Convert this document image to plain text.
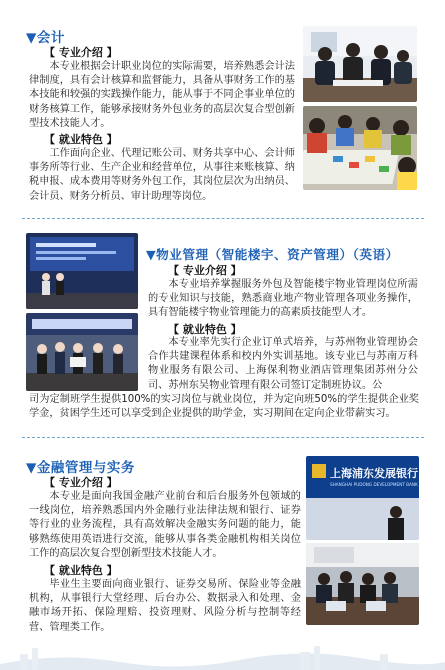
▼会计
【 专业介绍 】
本专业根据会计职业岗位的实际需要，培养熟悉会计法律制度，具有会计核算和监督能力，具备从事财务工作的基本技能和较强的实践操作能力，能从事于不同企事业单位的财务核算工作，能够承接财务外包业务的高层次复合型创新型技术技能人才。
【 就业特色 】
工作面向企业、代理记账公司、财务共享中心、会计师事务所等行业、生产企业和经营单位，从事往来账核算、纳税申报、成本费用等财务外包工作，其岗位层次为出纳员、会计员、财务分析员、审计助理等岗位。
▼物业管理（智能楼宇、资产管理）（英语）
【 专业介绍 】
本专业培养掌握服务外包及智能楼宇物业管理岗位所需的专业知识与技能，熟悉商业地产物业管理各项业务操作，具有智能楼宇物业管理能力的高素质技能型人才。
【 就业特色 】
本专业率先实行企业订单式培养，与苏州物业管理协会合作共建课程体系和校内外实训基地。该专业已与苏南万科物业服务有限公司、上海保利物业酒店管理集团苏州分公司、苏州东吴物业管理有限公司签订定制班协议。公
司为定制班学生提供100%的实习岗位与就业岗位，并为定向班50%的学生提供企业奖学金，贫困学生还可以享受到企业提供的助学金，实习期间在定向企业带薪实习。
▼金融管理与实务
【 专业介绍 】
本专业是面向我国金融产业前台和后台服务外包领域的一线岗位，培养熟悉国内外金融行业法律法规和银行、证券等行业的业务流程，具有高效解决金融实务问题的能力，能够熟练使用英语进行交流，能够从事各类金融机构相关岗位工作的高层次复合型创新型技术技能人才。
【 就业特色 】
毕业生主要面向商业银行、证券交易所、保险业等金融机构，从事银行大堂经理、后台办公、数据录入和处理、金融市场开拓、保险理赔、投资理财、风险分析与控制等经营、管理类工作。
上海浦东发展银行
SHANGHAI PUDONG DEVELOPMENT BANK
